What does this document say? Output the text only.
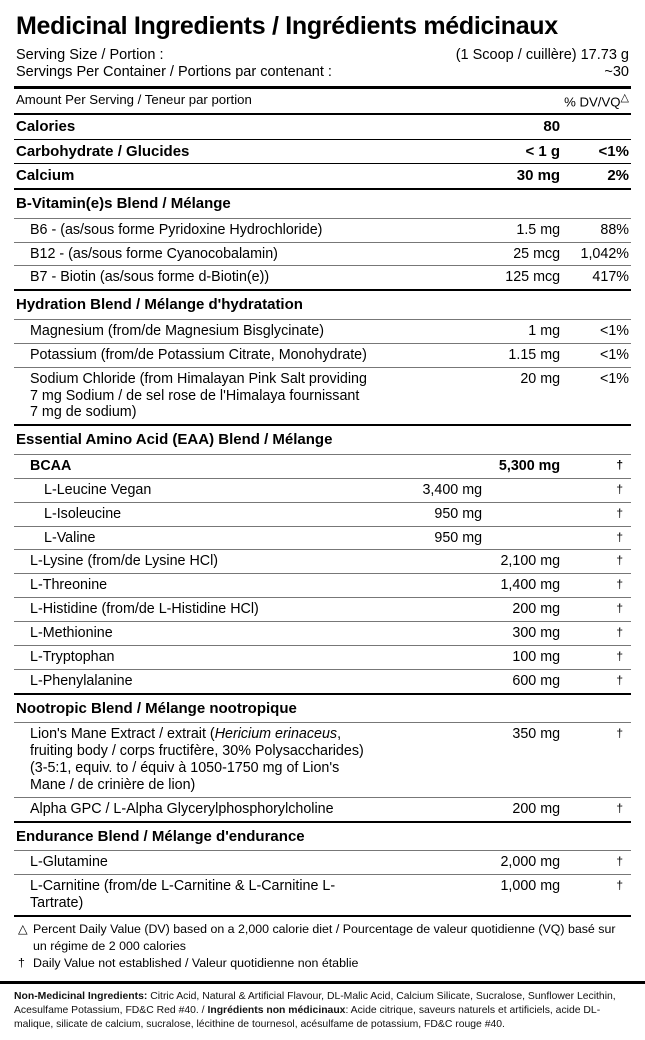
Medicinal Ingredients / Ingrédients médicinaux
Serving Size / Portion :	(1 Scoop / cuillère) 17.73 g
Servings Per Container / Portions par contenant :	~30
Amount Per Serving / Teneur par portion		% DV/VQ△
Calories	80	
Carbohydrate / Glucides	< 1 g	<1%
Calcium	30 mg	2%
B-Vitamin(e)s Blend / Mélange		
B6 - (as/sous forme Pyridoxine Hydrochloride)	1.5 mg	88%
B12 - (as/sous forme Cyanocobalamin)	25 mcg	1,042%
B7 - Biotin (as/sous forme d-Biotin(e))	125 mcg	417%
Hydration Blend / Mélange d'hydratation		
Magnesium (from/de Magnesium Bisglycinate)	1 mg	<1%
Potassium (from/de Potassium Citrate, Monohydrate)	1.15 mg	<1%
Sodium Chloride (from Himalayan Pink Salt providing 7 mg Sodium / de sel rose de l'Himalaya fournissant 7 mg de sodium)	20 mg	<1%
Essential Amino Acid (EAA) Blend / Mélange		
BCAA	5,300 mg	†
L-Leucine Vegan	3,400 mg	†
L-Isoleucine	950 mg	†
L-Valine	950 mg	†
L-Lysine (from/de Lysine HCl)	2,100 mg	†
L-Threonine	1,400 mg	†
L-Histidine (from/de L-Histidine HCl)	200 mg	†
L-Methionine	300 mg	†
L-Tryptophan	100 mg	†
L-Phenylalanine	600 mg	†
Nootropic Blend / Mélange nootropique		
Lion's Mane Extract / extrait (Hericium erinaceus, fruiting body / corps fructifère, 30% Polysaccharides) (3-5:1, equiv. to / équiv à 1050-1750 mg of Lion's Mane / de crinière de lion)	350 mg	†
Alpha GPC / L-Alpha Glycerylphosphorylcholine	200 mg	†
Endurance Blend / Mélange d'endurance		
L-Glutamine	2,000 mg	†
L-Carnitine (from/de L-Carnitine & L-Carnitine L-Tartrate)	1,000 mg	†
△ Percent Daily Value (DV) based on a 2,000 calorie diet / Pourcentage de valeur quotidienne (VQ) basé sur un régime de 2 000 calories
† Daily Value not established / Valeur quotidienne non établie
Non-Medicinal Ingredients: Citric Acid, Natural & Artificial Flavour, DL-Malic Acid, Calcium Silicate, Sucralose, Sunflower Lecithin, Acesulfame Potassium, FD&C Red #40. / Ingrédients non médicinaux: Acide citrique, saveurs naturels et artificiels, acide DL-malique, silicate de calcium, sucralose, lécithine de tournesol, acésulfame de potassium, FD&C rouge #40.
